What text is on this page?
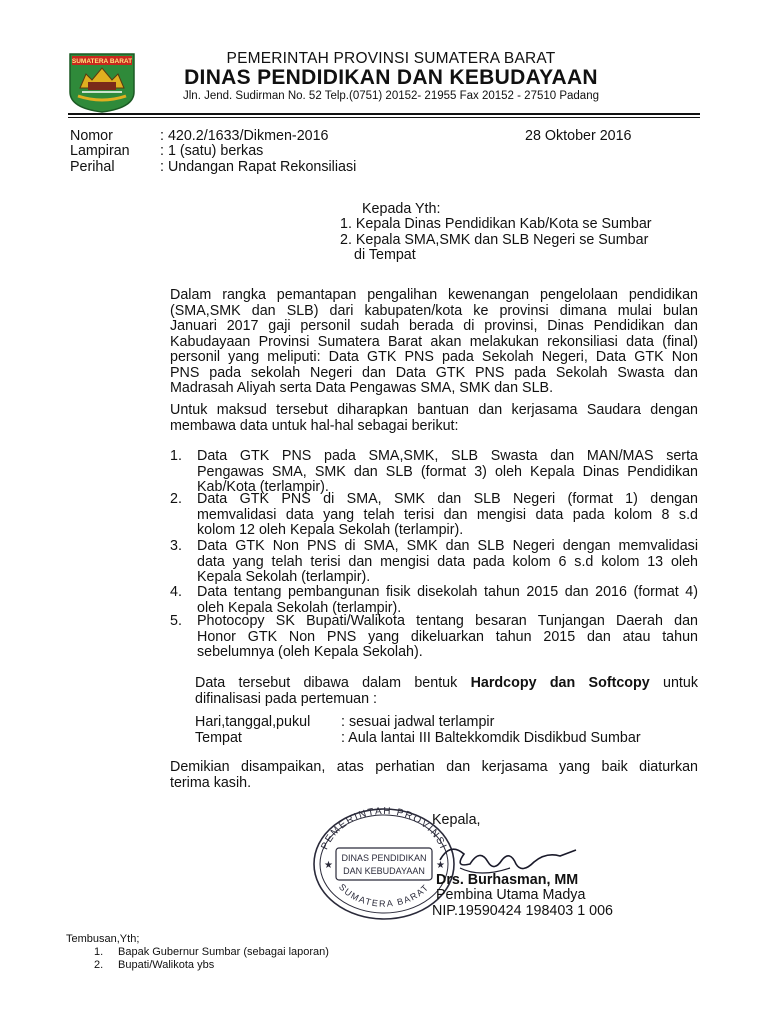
SUMATERA BARAT	PEMERINTAH PROVINSI SUMATERA BARAT
DINAS PENDIDIKAN DAN KEBUDAYAAN
Jln. Jend. Sudirman No. 52 Telp.(0751) 20152- 21955 Fax 20152 - 27510 Padang
Nomor	: 420.2/1633/Dikmen-2016	28 Oktober 2016
Lampiran : 1 (satu) berkas
Perihal	: Undangan Rapat Rekonsiliasi
Kepada Yth:
1. Kepala Dinas Pendidikan Kab/Kota se Sumbar
2. Kepala SMA,SMK dan SLB Negeri se Sumbar
di Tempat
Dalam rangka pemantapan pengalihan kewenangan pengelolaan pendidikan
(SMA,SMK dan SLB) dari kabupaten/kota ke provinsi dimana mulai bulan
Januari 2017 gaji personil sudah berada di provinsi, Dinas Pendidikan dan
Kabudayaan Provinsi Sumatera Barat akan melakukan rekonsiliasi data (final)
personil yang meliputi: Data GTK PNS pada Sekolah Negeri, Data GTK Non
PNS pada sekolah Negeri dan Data GTK PNS pada Sekolah Swasta dan
Madrasah Aliyah serta Data Pengawas SMA, SMK dan SLB.
Untuk maksud tersebut diharapkan bantuan dan kerjasama Saudara dengan
membawa data untuk hal-hal sebagai berikut:
1. Data GTK PNS pada SMA,SMK, SLB Swasta dan MAN/MAS serta
Pengawas SMA, SMK dan SLB (format 3) oleh Kepala Dinas Pendidikan
Kab/Kota (terlampir).
2. Data GTK PNS di SMA, SMK dan SLB Negeri (format 1) dengan
memvalidasi data yang telah terisi dan mengisi data pada kolom 8 s.d
kolom 12 oleh Kepala Sekolah (terlampir).
3. Data GTK Non PNS di SMA, SMK dan SLB Negeri dengan memvalidasi
data yang telah terisi dan mengisi data pada kolom 6 s.d kolom 13 oleh
Kepala Sekolah (terlampir).
4. Data tentang pembangunan fisik disekolah tahun 2015 dan 2016 (format 4)
oleh Kepala Sekolah (terlampir).
5. Photocopy SK Bupati/Walikota tentang besaran Tunjangan Daerah dan
Honor GTK Non PNS yang dikeluarkan tahun 2015 dan atau tahun
sebelumnya (oleh Kepala Sekolah).
Data tersebut dibawa dalam bentuk Hardcopy dan Softcopy untuk
difinalisasi pada pertemuan :
Hari,tanggal,pukul : sesuai jadwal terlampir
Tempat	: Aula lantai III Baltekkomdik Disdikbud Sumbar
Demikian disampaikan, atas perhatian dan kerjasama yang baik diaturkan
terima kasih.
PEMERINTAH PROVINSI
SUMATERA BARAT
DINAS PENDIDIKAN
DAN KEBUDAYAAN
★	★
Kepala,
Drs. Burhasman, MM
Pembina Utama Madya
NIP.19590424 198403 1 006
Tembusan,Yth;
1. Bapak Gubernur Sumbar (sebagai laporan)
2. Bupati/Walikota ybs
